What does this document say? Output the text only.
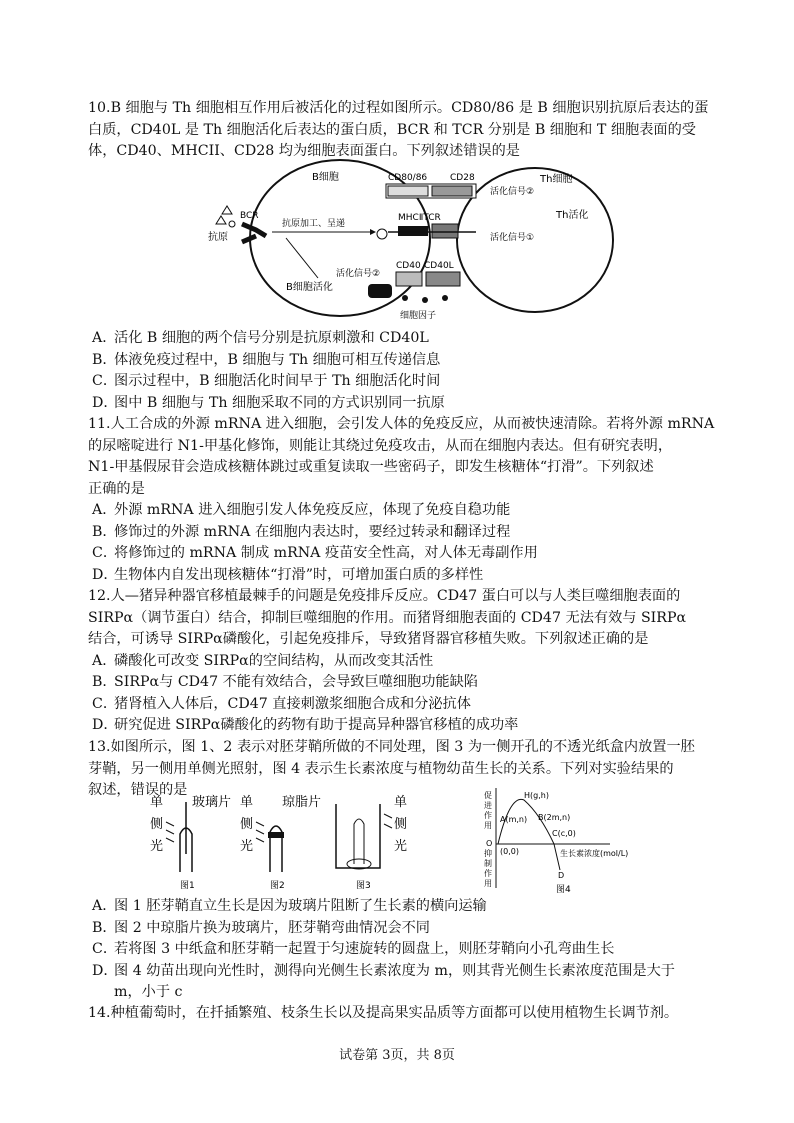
10.B 细胞与 Th 细胞相互作用后被活化的过程如图所示。CD80/86 是 B 细胞识别抗原后表达的蛋

白质，CD40L 是 Th 细胞活化后表达的蛋白质，BCR 和 TCR 分别是 B 细胞和 T 细胞表面的受

体，CD40、MHCII、CD28 均为细胞表面蛋白。下列叙述错误的是

B细胞	Th细胞
抗原
BCR
抗原加工、呈递
CD80/86	CD28
MHCⅡTCR
CD40 CD40L
细胞因子
活化信号②
活化信号①
Th活化
活化信号②
B细胞活化

A．活化 B 细胞的两个信号分别是抗原刺激和 CD40L

B．体液免疫过程中，B 细胞与 Th 细胞可相互传递信息

C．图示过程中，B 细胞活化时间早于 Th 细胞活化时间

D．图中 B 细胞与 Th 细胞采取不同的方式识别同一抗原

11.人工合成的外源 mRNA 进入细胞，会引发人体的免疫反应，从而被快速清除。若将外源 mRNA

的尿嘧啶进行 N1-甲基化修饰，则能让其绕过免疫攻击，从而在细胞内表达。但有研究表明，

N1-甲基假尿苷会造成核糖体跳过或重复读取一些密码子，即发生核糖体“打滑”。下列叙述

正确的是

A．外源 mRNA 进入细胞引发人体免疫反应，体现了免疫自稳功能

B．修饰过的外源 mRNA 在细胞内表达时，要经过转录和翻译过程

C．将修饰过的 mRNA 制成 mRNA 疫苗安全性高，对人体无毒副作用

D．生物体内自发出现核糖体“打滑”时，可增加蛋白质的多样性

12.人—猪异种器官移植最棘手的问题是免疫排斥反应。CD47 蛋白可以与人类巨噬细胞表面的

SIRPα（调节蛋白）结合，抑制巨噬细胞的作用。而猪肾细胞表面的 CD47 无法有效与 SIRPα

结合，可诱导 SIRPα磷酸化，引起免疫排斥，导致猪肾器官移植失败。下列叙述正确的是

A．磷酸化可改变 SIRPα的空间结构，从而改变其活性

B．SIRPα与 CD47 不能有效结合，会导致巨噬细胞功能缺陷

C．猪肾植入人体后，CD47 直接刺激浆细胞合成和分泌抗体

D．研究促进 SIRPα磷酸化的药物有助于提高异种器官移植的成功率

13.如图所示，图 1、2 表示对胚芽鞘所做的不同处理，图 3 为一侧开孔的不透光纸盒内放置一胚

芽鞘，另一侧用单侧光照射，图 4 表示生长素浓度与植物幼苗生长的关系。下列对实验结果的

叙述，错误的是

单
侧
光
玻璃片
图1
单
侧
光
琼脂片
图2
单
侧
光
图3
促
进
作
用
O
抑
制
作
用
H(g,h)
A(m,n) B(2m,n)
C(c,0)
(0,0)	生长素浓度(mol/L)
D
图4

A．图 1 胚芽鞘直立生长是因为玻璃片阻断了生长素的横向运输

B．图 2 中琼脂片换为玻璃片，胚芽鞘弯曲情况会不同

C．若将图 3 中纸盒和胚芽鞘一起置于匀速旋转的圆盘上，则胚芽鞘向小孔弯曲生长

D．图 4 幼苗出现向光性时，测得向光侧生长素浓度为 m，则其背光侧生长素浓度范围是大于

m，小于 c

14.种植葡萄时，在扦插繁殖、枝条生长以及提高果实品质等方面都可以使用植物生长调节剂。

试卷第 3页，共 8页
